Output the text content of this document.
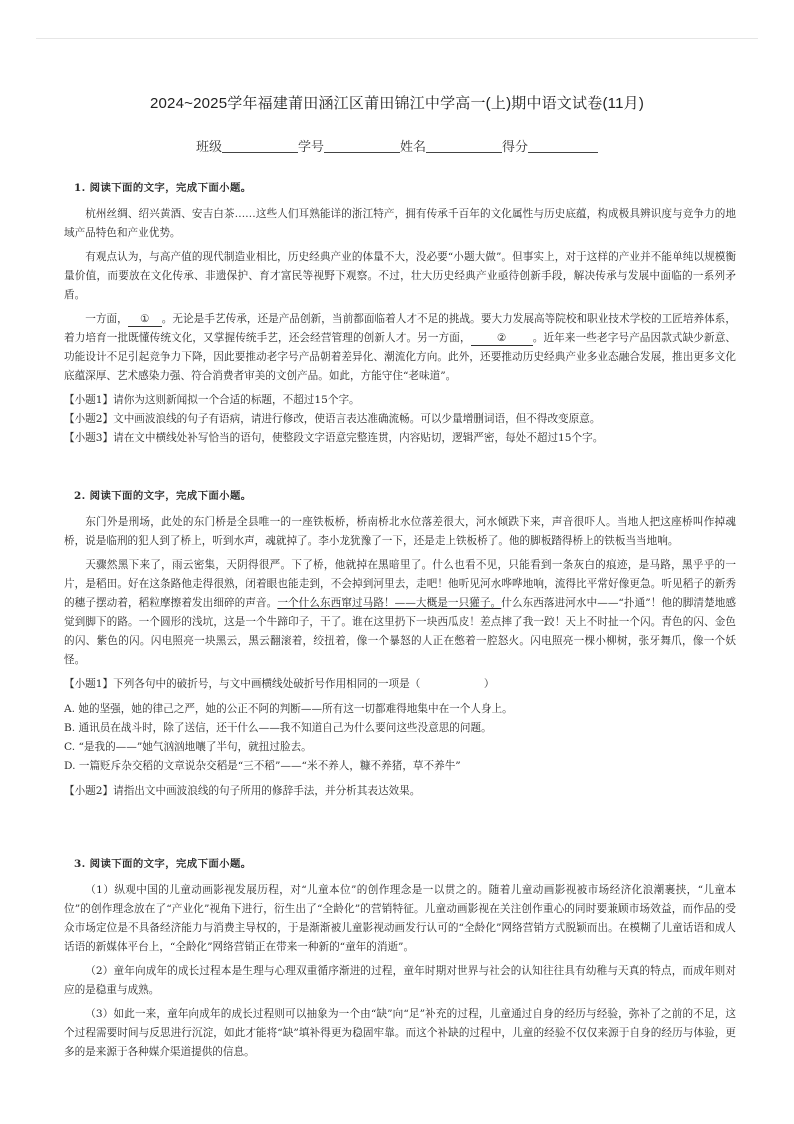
2024~2025学年福建莆田涵江区莆田锦江中学高一(上)期中语文试卷(11月)
班级	学号	姓名	得分
1. 阅读下面的文字，完成下面小题。

杭州丝绸、绍兴黄酒、安吉白茶……这些人们耳熟能详的浙江特产，拥有传承千百年的文化属性与历史底蕴，构成极具辨识度与竞争力的地域产品特色和产业优势。

有观点认为，与高产值的现代制造业相比，历史经典产业的体量不大，没必要“小题大做”。但事实上，对于这样的产业并不能单纯以规模衡量价值，而要放在文化传承、非遗保护、育才富民等视野下观察。不过，壮大历史经典产业亟待创新手段，解决传承与发展中面临的一系列矛盾。

一方面， ① 。无论是手艺传承，还是产品创新，当前都面临着人才不足的挑战。要大力发展高等院校和职业技术学校的工匠培养体系，着力培育一批既懂传统文化，又掌握传统手艺，还会经营管理的创新人才。另一方面， ② 。近年来一些老字号产品因款式缺少新意、功能设计不足引起竞争力下降，因此要推动老字号产品朝着差异化、潮流化方向。此外，还要推动历史经典产业多业态融合发展，推出更多文化底蕴深厚、艺术感染力强、符合消费者审美的文创产品。如此，方能守住“老味道”。

【小题1】请你为这则新闻拟一个合适的标题，不超过15个字。
【小题2】文中画波浪线的句子有语病，请进行修改，使语言表达准确流畅。可以少量增删词语，但不得改变原意。
【小题3】请在文中横线处补写恰当的语句，使整段文字语意完整连贯，内容贴切，逻辑严密，每处不超过15个字。
2. 阅读下面的文字，完成下面小题。

东门外是刑场，此处的东门桥是全县唯一的一座铁板桥，桥南桥北水位落差很大，河水倾跌下来，声音很吓人。当地人把这座桥叫作掉魂桥，说是临刑的犯人到了桥上，听到水声，魂就掉了。李小龙犹豫了一下，还是走上铁板桥了。他的脚板踏得桥上的铁板当当地响。

天骤然黑下来了，雨云密集，天阴得很严。下了桥，他就掉在黑暗里了。什么也看不见，只能看到一条灰白的痕迹，是马路，黑乎乎的一片，是稻田。好在这条路他走得很熟，闭着眼也能走到，不会掉到河里去，走吧！他听见河水哗哗地响，流得比平常好像更急。听见稻子的新秀的穗子摆动着，稻粒摩擦着发出细碎的声音。一个什么东西窜过马路！——大概是一只獾子。什么东西落进河水中——“扑通”！他的脚清楚地感觉到脚下的路。一个圆形的浅坑，这是一个牛蹄印子，干了。谁在这里扔下一块西瓜皮！差点摔了我一跤！天上不时扯一个闪。青色的闪、金色的闪、紫色的闪。闪电照亮一块黑云，黑云翻滚着，绞扭着，像一个暴怒的人正在憋着一腔怒火。闪电照亮一棵小柳树，张牙舞爪，像一个妖怪。

【小题1】下列各句中的破折号，与文中画横线处破折号作用相同的一项是（　　　　　　）
A. 她的坚强，她的律己之严，她的公正不阿的判断——所有这一切都难得地集中在一个人身上。
B. 通讯员在战斗时，除了送信，还干什么——我不知道自己为什么要问这些没意思的问题。
C. “是我的——”她气汹汹地嚷了半句，就扭过脸去。
D. 一篇贬斥杂交稻的文章说杂交稻是“三不稻”——“米不养人，糠不养猪，草不养牛”
【小题2】请指出文中画波浪线的句子所用的修辞手法，并分析其表达效果。
3. 阅读下面的文字，完成下面小题。

（1）纵观中国的儿童动画影视发展历程，对“儿童本位”的创作理念是一以贯之的。随着儿童动画影视被市场经济化浪潮裹挟，“儿童本位”的创作理念放在了“产业化”视角下进行，衍生出了“全龄化”的营销特征。儿童动画影视在关注创作重心的同时要兼顾市场效益，而作品的受众市场定位是不具备经济能力与消费主导权的，于是渐渐被儿童影视动画发行认可的“全龄化”网络营销方式脱颖而出。在模糊了儿童话语和成人话语的新媒体平台上，“全龄化”网络营销正在带来一种新的“童年的消逝”。

（2）童年向成年的成长过程本是生理与心理双重循序渐进的过程，童年时期对世界与社会的认知往往具有幼稚与天真的特点，而成年则对应的是稳重与成熟。

（3）如此一来，童年向成年的成长过程则可以抽象为一个由“缺”向“足”补充的过程，儿童通过自身的经历与经验，弥补了之前的不足，这个过程需要时间与反思进行沉淀，如此才能将“缺”填补得更为稳固牢靠。而这个补缺的过程中，儿童的经验不仅仅来源于自身的经历与体验，更多的是来源于各种媒介渠道提供的信息。
